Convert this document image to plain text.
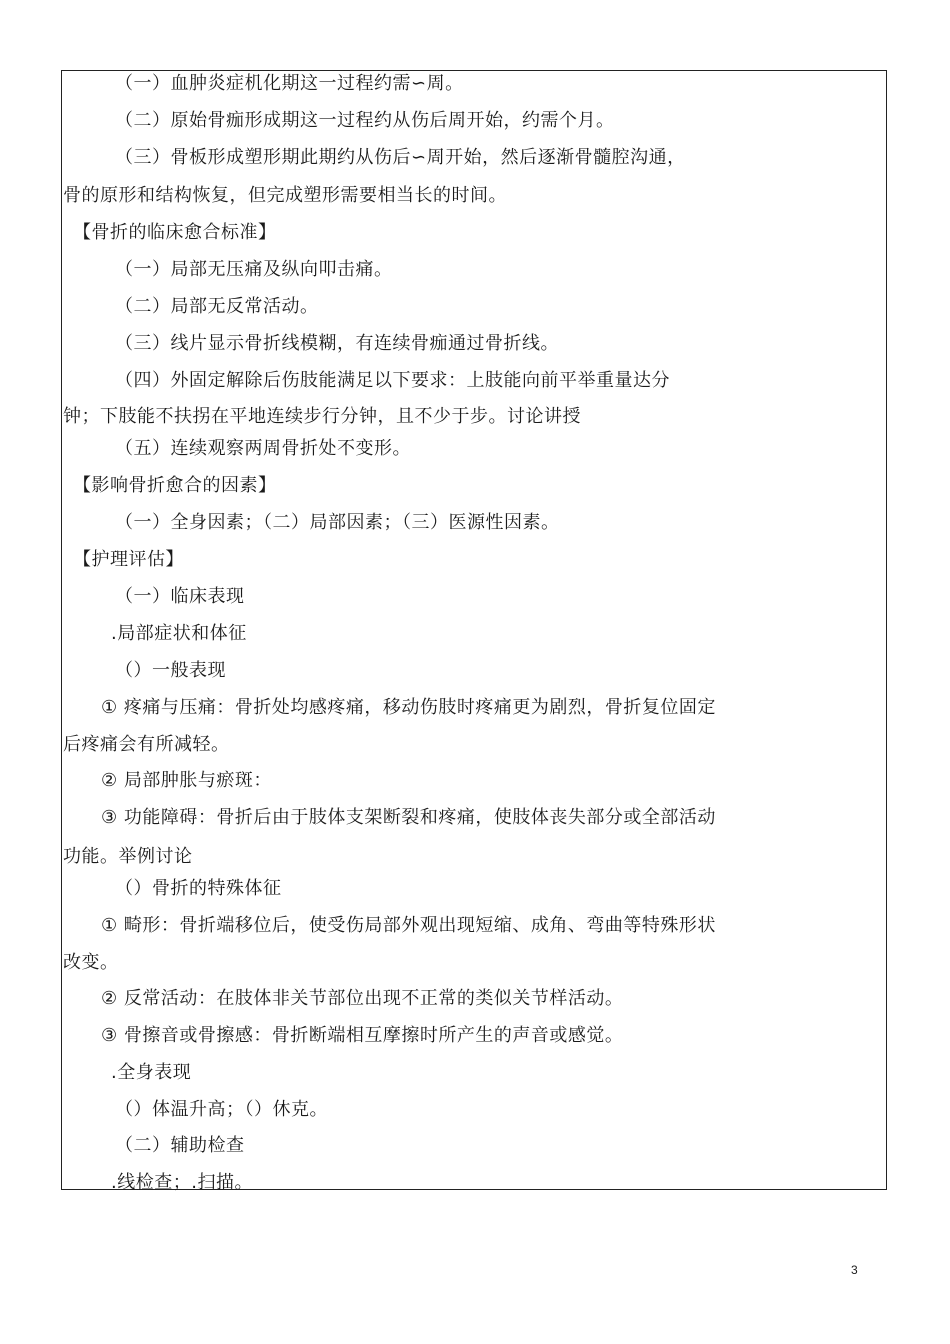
（一）血肿炎症机化期这一过程约需∽周。
（二）原始骨痂形成期这一过程约从伤后周开始，约需个月。
（三）骨板形成塑形期此期约从伤后∽周开始，然后逐渐骨髓腔沟通，
骨的原形和结构恢复，但完成塑形需要相当长的时间。
【骨折的临床愈合标准】
（一）局部无压痛及纵向叩击痛。
（二）局部无反常活动。
（三）线片显示骨折线模糊，有连续骨痂通过骨折线。
（四）外固定解除后伤肢能满足以下要求：上肢能向前平举重量达分
钟；下肢能不扶拐在平地连续步行分钟，且不少于步。讨论讲授
（五）连续观察两周骨折处不变形。
【影响骨折愈合的因素】
（一）全身因素；（二）局部因素；（三）医源性因素。
【护理评估】
（一）临床表现
.局部症状和体征
（）一般表现
① 疼痛与压痛：骨折处均感疼痛，移动伤肢时疼痛更为剧烈，骨折复位固定
后疼痛会有所减轻。
② 局部肿胀与瘀斑：
③ 功能障碍：骨折后由于肢体支架断裂和疼痛，使肢体丧失部分或全部活动
功能。举例讨论
（）骨折的特殊体征
① 畸形：骨折端移位后，使受伤局部外观出现短缩、成角、弯曲等特殊形状
改变。
② 反常活动：在肢体非关节部位出现不正常的类似关节样活动。
③ 骨擦音或骨擦感：骨折断端相互摩擦时所产生的声音或感觉。
.全身表现
（）体温升高；（）休克。
（二）辅助检查
.线检查；.扫描。
3
